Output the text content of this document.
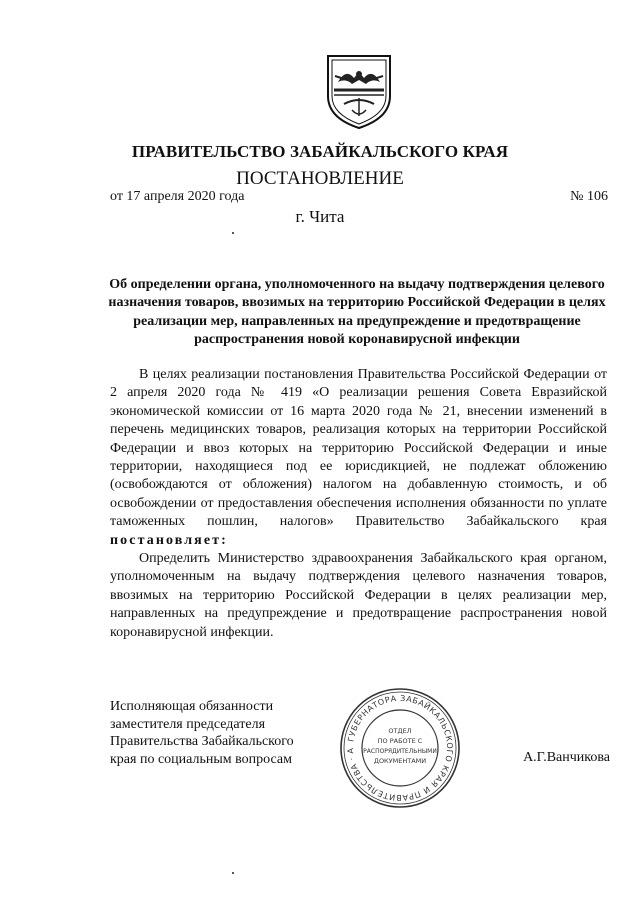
ПРАВИТЕЛЬСТВО ЗАБАЙКАЛЬСКОГО КРАЯ
ПОСТАНОВЛЕНИЕ
от 17 апреля 2020 года	№ 106
г. Чита
Об определении органа, уполномоченного на выдачу подтверждения целевого назначения товаров, ввозимых на территорию Российской Федерации в целях реализации мер, направленных на предупреждение и предотвращение распространения новой коронавирусной инфекции

В целях реализации постановления Правительства Российской Федерации от 2 апреля 2020 года № 419 «О реализации решения Совета Евразийской экономической комиссии от 16 марта 2020 года № 21, внесении изменений в перечень медицинских товаров, реализация которых на территории Российской Федерации и ввоз которых на территорию Российской Федерации и иные территории, находящиеся под ее юрисдикцией, не подлежат обложению (освобождаются от обложения) налогом на добавленную стоимость, и об освобождении от предоставления обеспечения исполнения обязанности по уплате таможенных пошлин, налогов» Правительство Забайкальского края постановляет:

Определить Министерство здравоохранения Забайкальского края органом, уполномоченным на выдачу подтверждения целевого назначения товаров, ввозимых на территорию Российской Федерации в целях реализации мер, направленных на предупреждение и предотвращение распространения новой коронавирусной инфекции.

Исполняющая обязанности
заместителя председателя
Правительства Забайкальского
края по социальным вопросам
ГУБЕРНАТОРА ЗАБАЙКАЛЬСКОГО КРАЯ И ПРАВИТЕЛЬСТВА · А
ОТДЕЛ
ПО РАБОТЕ С
РАСПОРЯДИТЕЛЬНЫМИ
ДОКУМЕНТАМИ	А.Г.Ванчикова
